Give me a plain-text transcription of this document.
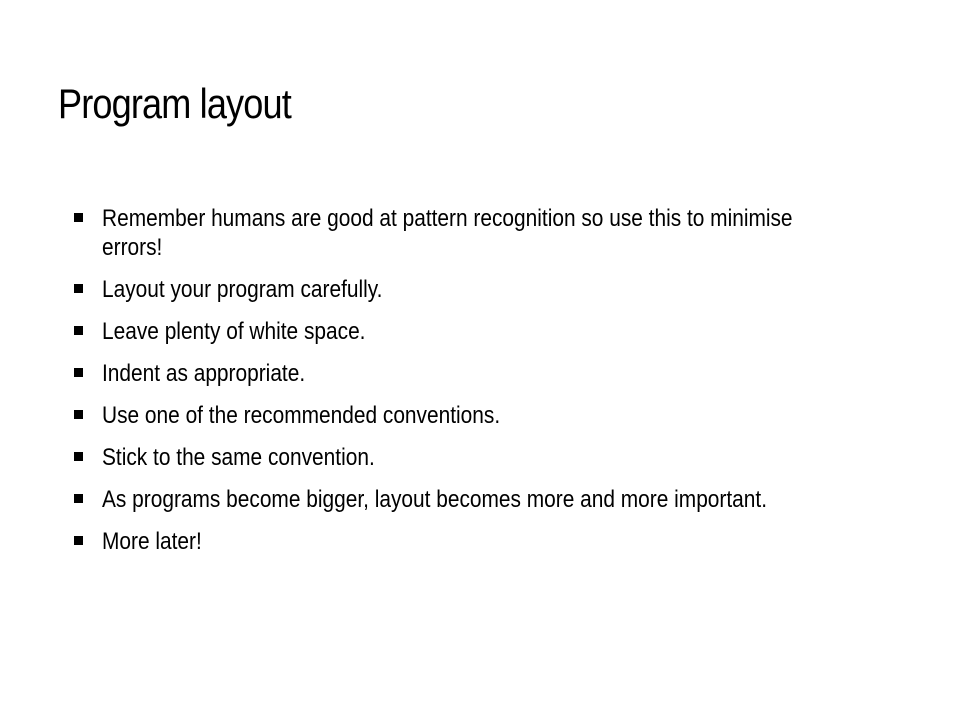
Program layout
Remember humans are good at pattern recognition so use this to minimise errors!
Layout your program carefully.
Leave plenty of white space.
Indent as appropriate.
Use one of the recommended conventions.
Stick to the same convention.
As programs become bigger, layout becomes more and more important.
More later!
